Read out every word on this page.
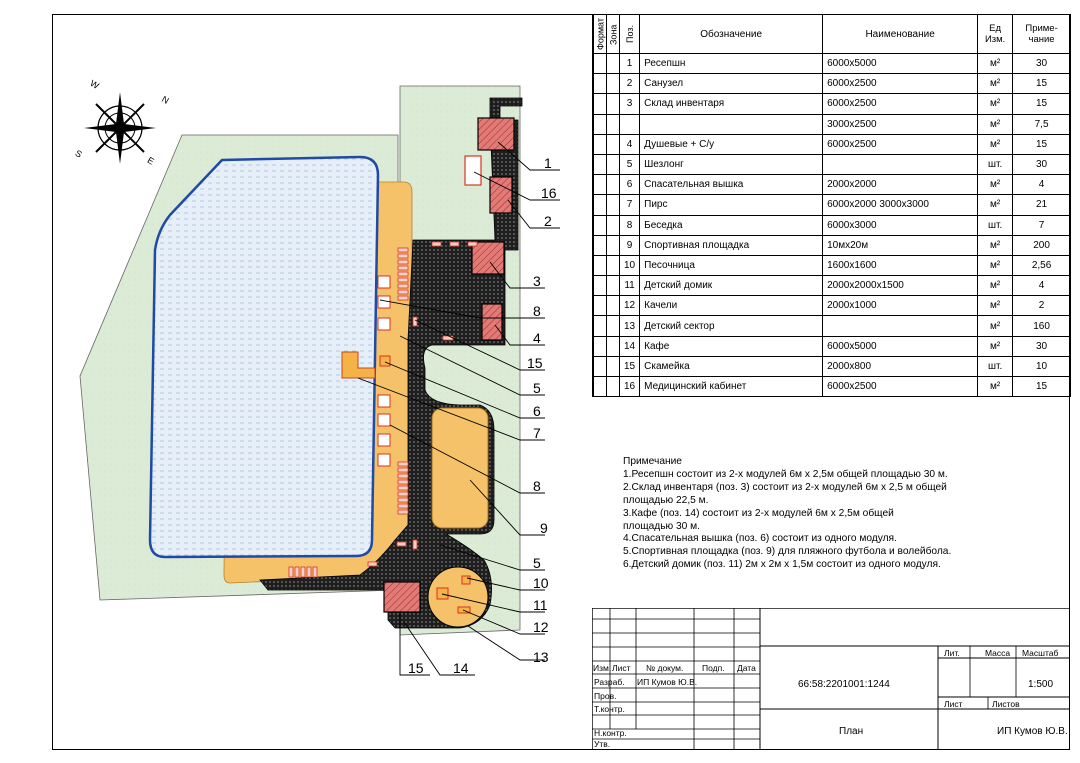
N
S
E
W
1
16
2
3
8
4
15
5
6
7
8
9
5
10
11
12
13
15 14
Формат	Зона	Поз.	Обозначение	Наименование	Ед
Изм.	Приме-
чание
		1	Ресепшн	6000х5000	м²	30
		2	Санузел	6000х2500	м²	15
		3	Склад инвентаря	6000х2500	м²	15
				3000х2500	м²	7,5
		4	Душевые + С/у	6000х2500	м²	15
		5	Шезлонг		шт.	30
		6	Спасательная вышка	2000х2000	м²	4
		7	Пирс	6000х2000 3000х3000	м²	21
		8	Беседка	6000х3000	шт.	7
		9	Спортивная площадка	10мх20м	м²	200
		10	Песочница	1600х1600	м²	2,56
		11	Детский домик	2000х2000х1500	м²	4
		12	Качели	2000х1000	м²	2
		13	Детский сектор		м²	160
		14	Кафе	6000х5000	м²	30
		15	Скамейка	2000х800	шт.	10
		16	Медицинский кабинет	6000х2500	м²	15
Примечание
1.Ресепшн состоит из 2-х модулей 6м х 2,5м общей площадью 30 м.
2.Склад инвентаря (поз. 3) состоит из 2-х модулей 6м х 2,5 м общей
площадью 22,5 м.
3.Кафе (поз. 14) состоит из 2-х модулей 6м х 2,5м общей
площадью 30 м.
4.Спасательная вышка (поз. 6) состоит из одного модуля.
5.Спортивная площадка (поз. 9) для пляжного футбола и волейбола.
6.Детский домик (поз. 11) 2м х 2м х 1,5м состоит из одного модуля.
Изм. Лист № докум. Подп. Дата
Разраб. ИП Кумов Ю.В.
Пров.
Т.контр.
Н.контр.
Утв.
66:58:2201001:1244
Лит.	Масса Масштаб
1:500
Лист	Листов
План	ИП Кумов Ю.В.
